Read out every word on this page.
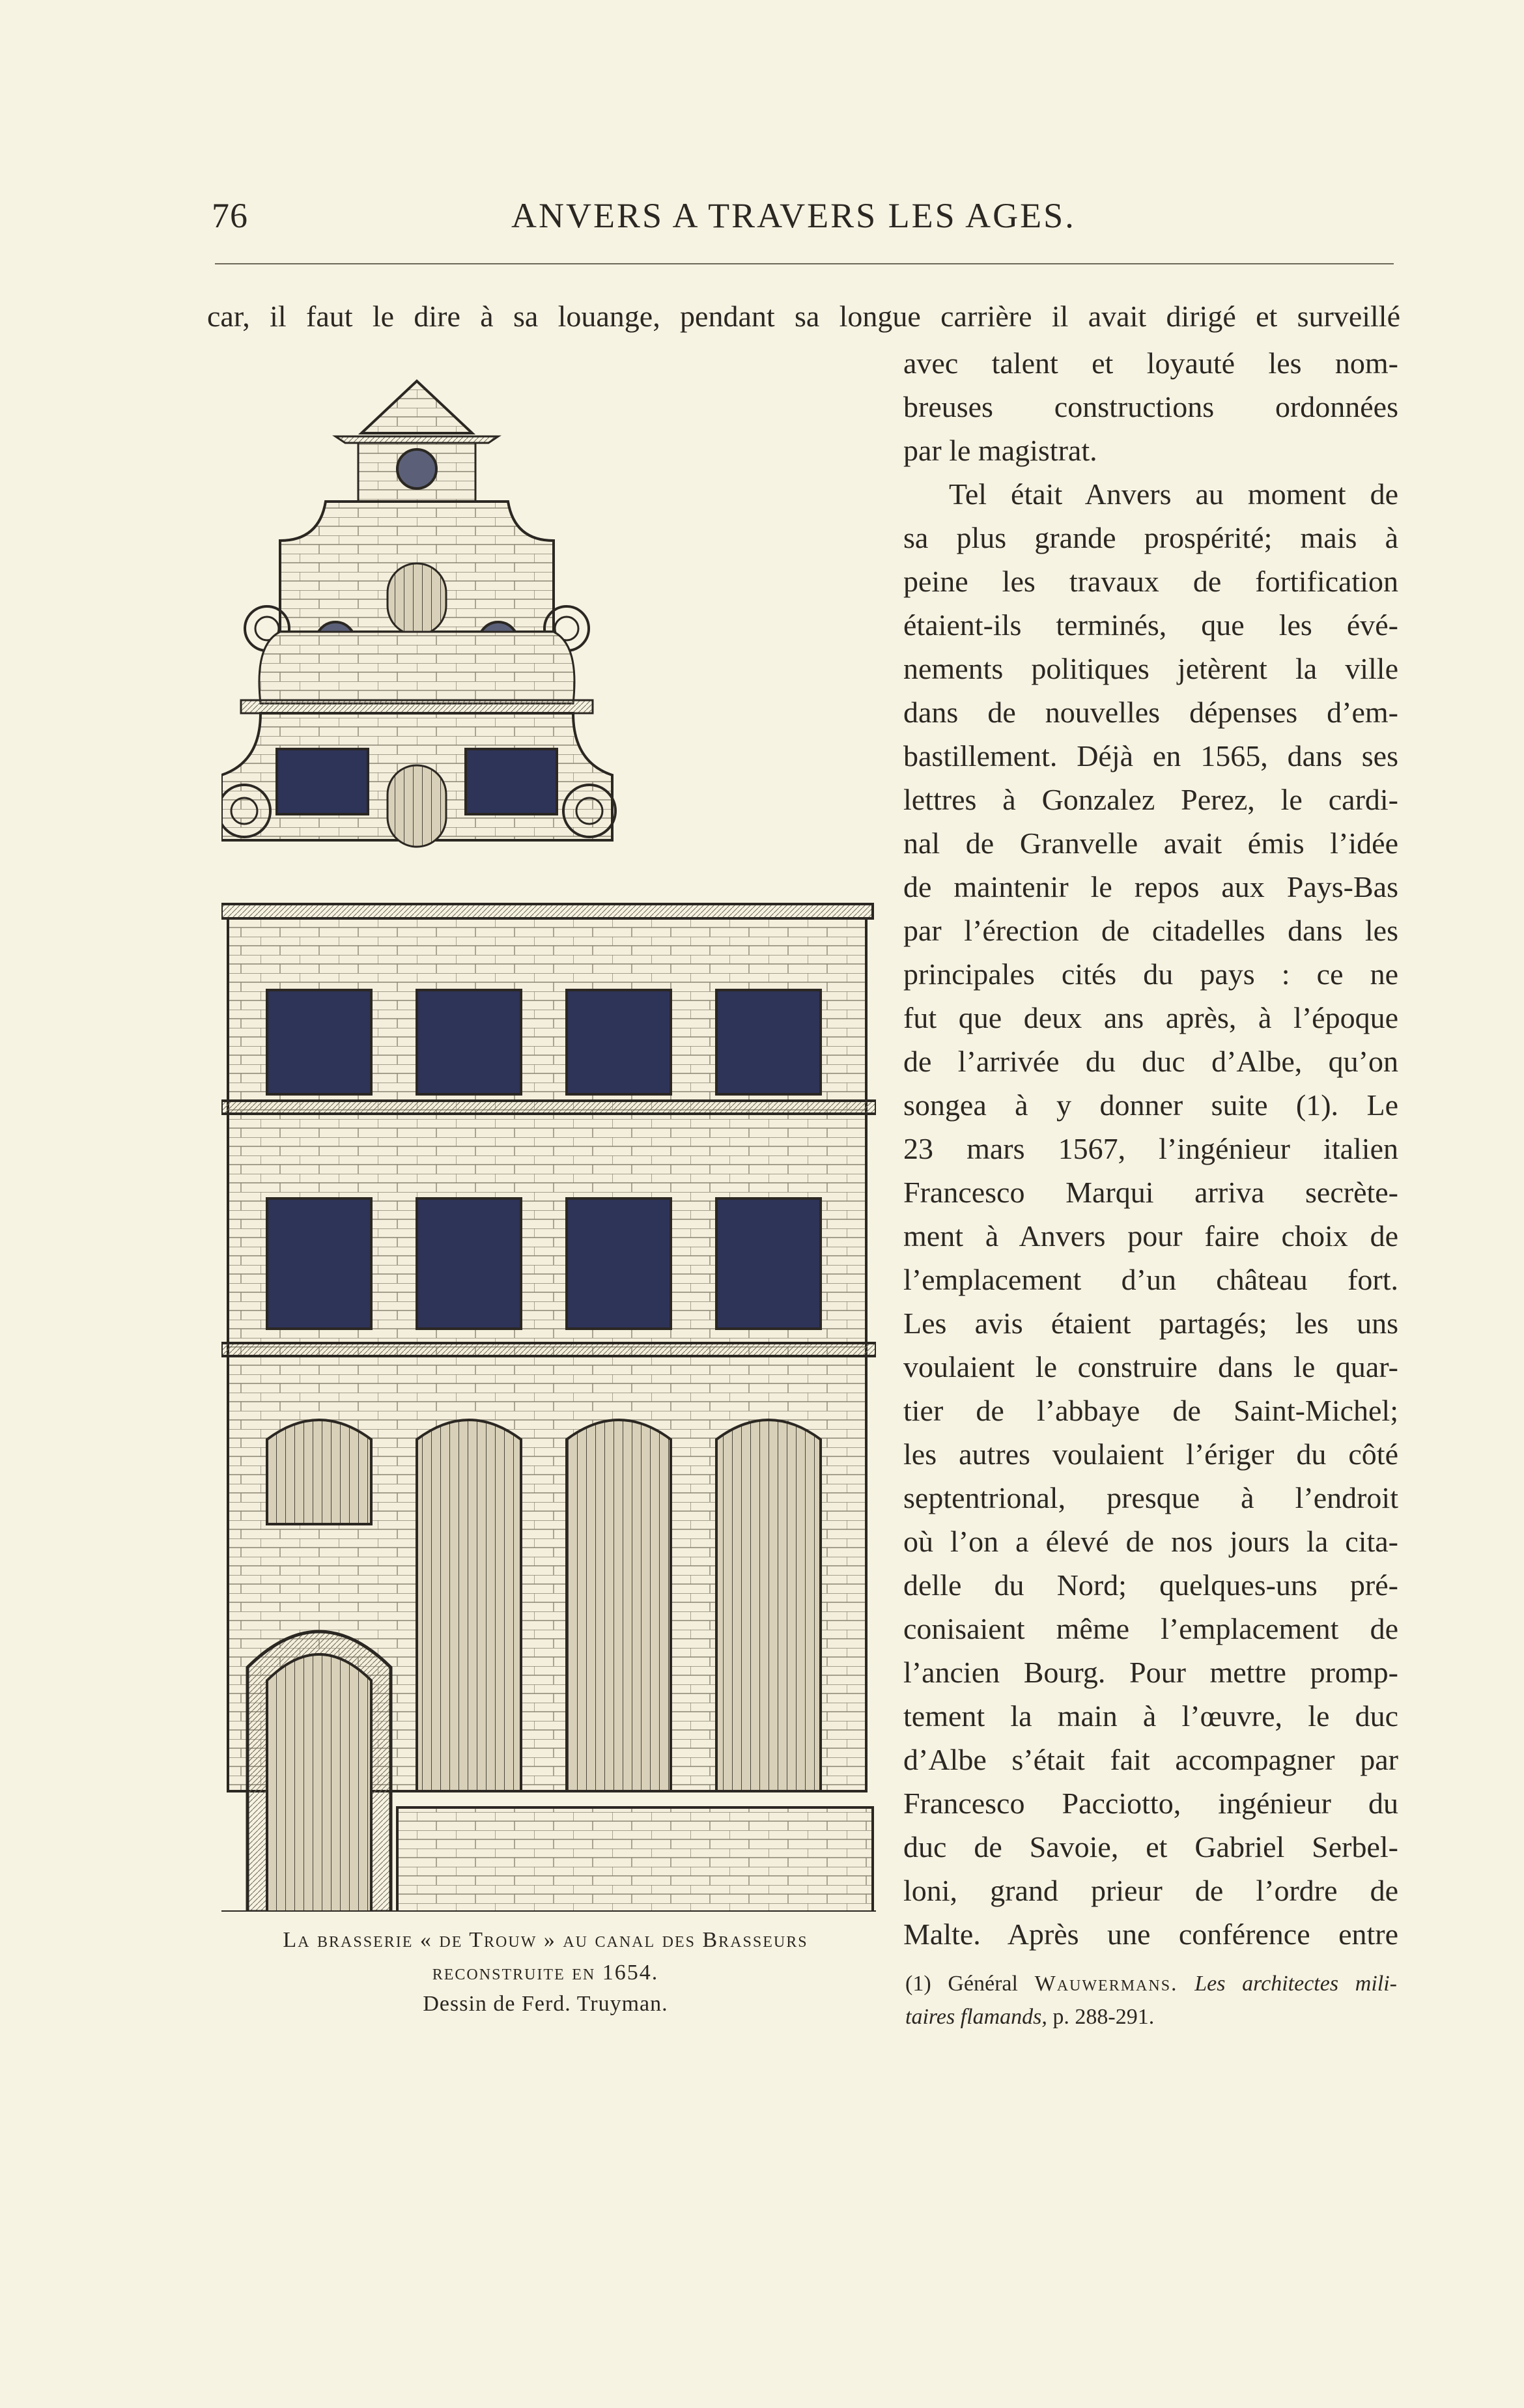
76	ANVERS A TRAVERS LES AGES.
car, il faut le dire à sa louange, pendant sa longue carrière il avait dirigé et surveillé
avec talent et loyauté les nom-
breuses constructions ordonnées
par le magistrat.
Tel était Anvers au moment de
sa plus grande prospérité; mais à
peine les travaux de fortification
étaient-ils terminés, que les évé-
nements politiques jetèrent la ville
dans de nouvelles dépenses d’em-
bastillement. Déjà en 1565, dans ses
lettres à Gonzalez Perez, le cardi-
nal de Granvelle avait émis l’idée
de maintenir le repos aux Pays-Bas
par l’érection de citadelles dans les
principales cités du pays : ce ne
fut que deux ans après, à l’époque
de l’arrivée du duc d’Albe, qu’on
songea à y donner suite (1). Le
23 mars 1567, l’ingénieur italien
Francesco Marqui arriva secrète-
ment à Anvers pour faire choix de
l’emplacement d’un château fort.
Les avis étaient partagés; les uns
voulaient le construire dans le quar-
tier de l’abbaye de Saint-Michel;
les autres voulaient l’ériger du côté
septentrional, presque à l’endroit
où l’on a élevé de nos jours la cita-
delle du Nord; quelques-uns pré-
conisaient même l’emplacement de
l’ancien Bourg. Pour mettre promp-
tement la main à l’œuvre, le duc
d’Albe s’était fait accompagner par
Francesco Pacciotto, ingénieur du
duc de Savoie, et Gabriel Serbel-
loni, grand prieur de l’ordre de
Malte. Après une conférence entre
La brasserie « de Trouw » au canal des Brasseurs
reconstruite en 1654.
Dessin de Ferd. Truyman.
(1) Général Wauwermans. Les architectes mili-
taires flamands, p. 288-291.
